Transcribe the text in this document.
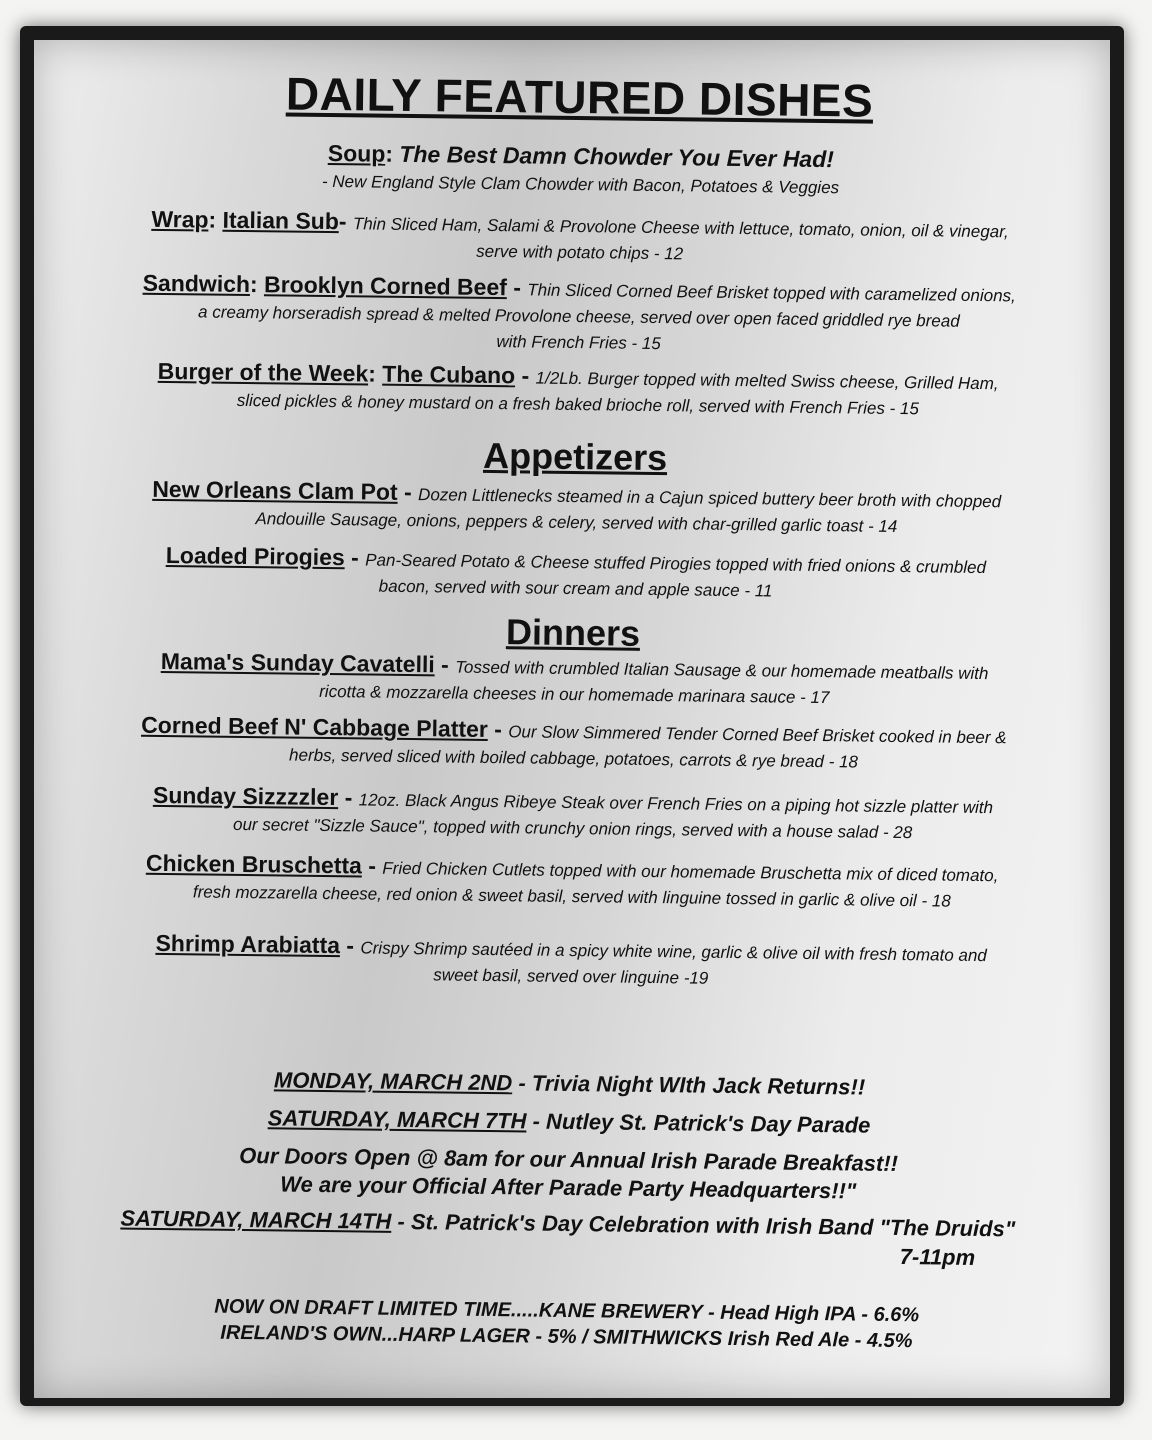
DAILY FEATURED DISHES
Soup: The Best Damn Chowder You Ever Had!
- New England Style Clam Chowder with Bacon, Potatoes & Veggies
Wrap: Italian Sub- Thin Sliced Ham, Salami & Provolone Cheese with lettuce, tomato, onion, oil & vinegar,
serve with potato chips - 12
Sandwich: Brooklyn Corned Beef - Thin Sliced Corned Beef Brisket topped with caramelized onions,
a creamy horseradish spread & melted Provolone cheese, served over open faced griddled rye bread
with French Fries - 15
Burger of the Week: The Cubano - 1/2Lb. Burger topped with melted Swiss cheese, Grilled Ham,
sliced pickles & honey mustard on a fresh baked brioche roll, served with French Fries - 15
Appetizers
New Orleans Clam Pot - Dozen Littlenecks steamed in a Cajun spiced buttery beer broth with chopped
Andouille Sausage, onions, peppers & celery, served with char-grilled garlic toast - 14
Loaded Pirogies - Pan-Seared Potato & Cheese stuffed Pirogies topped with fried onions & crumbled
bacon, served with sour cream and apple sauce - 11
Dinners
Mama's Sunday Cavatelli - Tossed with crumbled Italian Sausage & our homemade meatballs with
ricotta & mozzarella cheeses in our homemade marinara sauce - 17
Corned Beef N' Cabbage Platter - Our Slow Simmered Tender Corned Beef Brisket cooked in beer &
herbs, served sliced with boiled cabbage, potatoes, carrots & rye bread - 18
Sunday Sizzzzler - 12oz. Black Angus Ribeye Steak over French Fries on a piping hot sizzle platter with
our secret "Sizzle Sauce", topped with crunchy onion rings, served with a house salad - 28
Chicken Bruschetta - Fried Chicken Cutlets topped with our homemade Bruschetta mix of diced tomato,
fresh mozzarella cheese, red onion & sweet basil, served with linguine tossed in garlic & olive oil - 18
Shrimp Arabiatta - Crispy Shrimp sautéed in a spicy white wine, garlic & olive oil with fresh tomato and
sweet basil, served over linguine -19
MONDAY, MARCH 2ND - Trivia Night WIth Jack Returns!!
SATURDAY, MARCH 7TH - Nutley St. Patrick's Day Parade
Our Doors Open @ 8am for our Annual Irish Parade Breakfast!!
We are your Official After Parade Party Headquarters!!"
SATURDAY, MARCH 14TH - St. Patrick's Day Celebration with Irish Band "The Druids"
7-11pm
NOW ON DRAFT LIMITED TIME.....KANE BREWERY - Head High IPA - 6.6%
IRELAND'S OWN...HARP LAGER - 5% / SMITHWICKS Irish Red Ale - 4.5%
